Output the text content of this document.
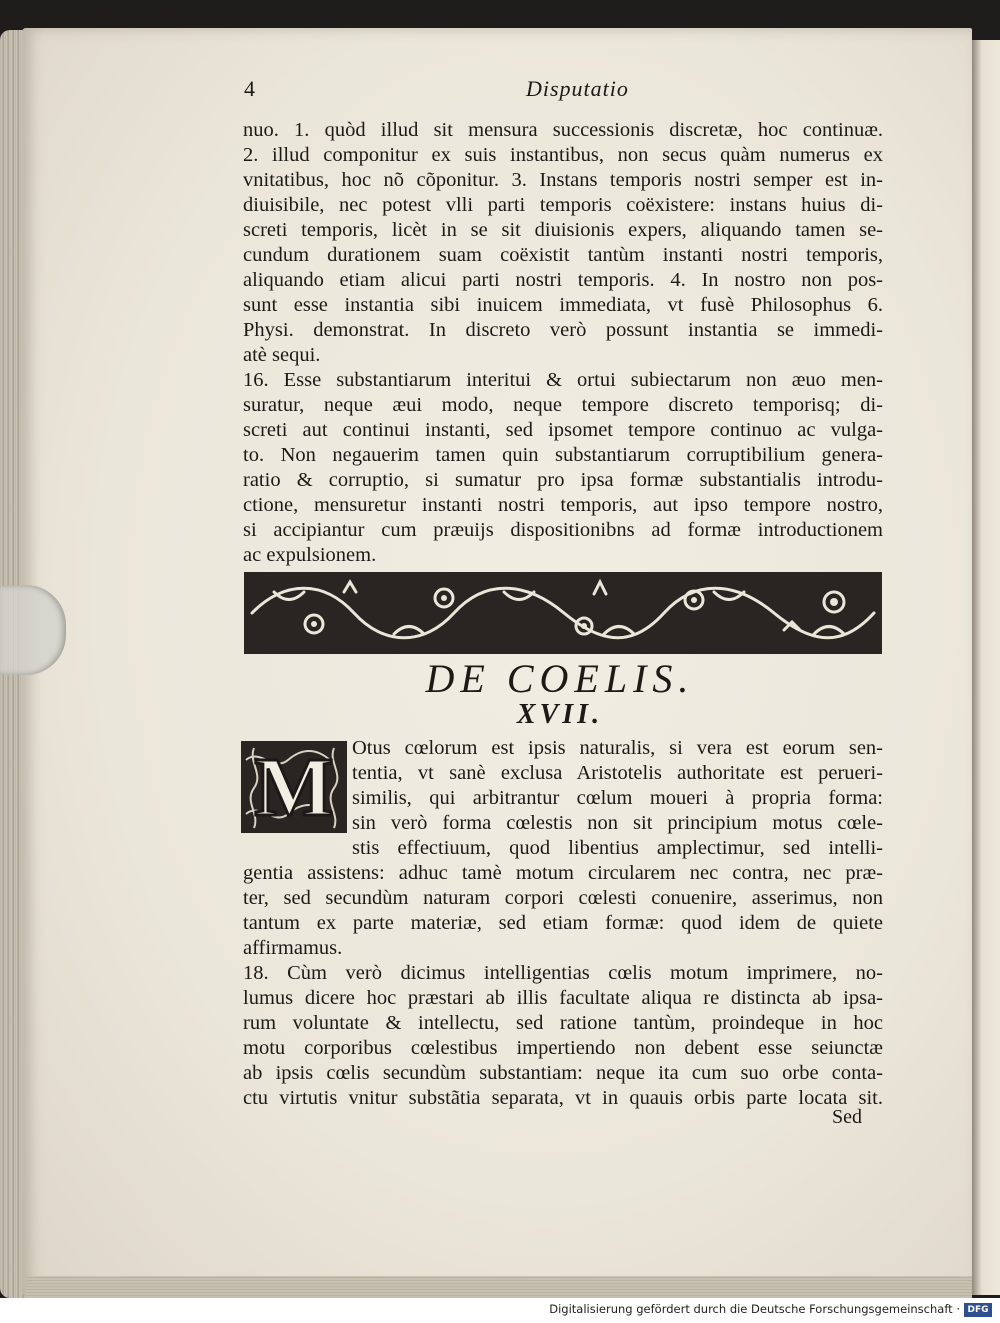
4	Disputatio
nuo. 1. quòd illud sit mensura successionis discretæ, hoc continuæ.
2. illud componitur ex suis instantibus, non secus quàm numerus ex
vnitatibus, hoc nõ cõponitur. 3. Instans temporis nostri semper est in-
diuisibile, nec potest vlli parti temporis coëxistere: instans huius di-
screti temporis, licèt in se sit diuisionis expers, aliquando tamen se-
cundum durationem suam coëxistit tantùm instanti nostri temporis,
aliquando etiam alicui parti nostri temporis. 4. In nostro non pos-
sunt esse instantia sibi inuicem immediata, vt fusè Philosophus 6.
Physi. demonstrat. In discreto verò possunt instantia se immedi-
atè sequi.
16. Esse substantiarum interitui & ortui subiectarum non æuo men-
suratur, neque æui modo, neque tempore discreto temporisq; di-
screti aut continui instanti, sed ipsomet tempore continuo ac vulga-
to. Non negauerim tamen quin substantiarum corruptibilium genera-
ratio & corruptio, si sumatur pro ipsa formæ substantialis introdu-
ctione, mensuretur instanti nostri temporis, aut ipso tempore nostro,
si accipiantur cum præuijs dispositionibns ad formæ introductionem
ac expulsionem.
DE COELIS.
XVII.
M Otus cœlorum est ipsis naturalis, si vera est eorum sen-
tentia, vt sanè exclusa Aristotelis authoritate est perueri-
similis, qui arbitrantur cœlum moueri à propria forma:
sin verò forma cœlestis non sit principium motus cœle-
stis effectiuum, quod libentius amplectimur, sed intelli-
gentia assistens: adhuc tamè motum circularem nec contra, nec præ-
ter, sed secundùm naturam corpori cœlesti conuenire, asserimus, non
tantum ex parte materiæ, sed etiam formæ: quod idem de quiete
affirmamus.
18. Cùm verò dicimus intelligentias cœlis motum imprimere, no-
lumus dicere hoc præstari ab illis facultate aliqua re distincta ab ipsa-
rum voluntate & intellectu, sed ratione tantùm, proindeque in hoc
motu corporibus cœlestibus impertiendo non debent esse seiunctæ
ab ipsis cœlis secundùm substantiam: neque ita cum suo orbe conta-
ctu virtutis vnitur substãtia separata, vt in quauis orbis parte locata sit.
Sed
Digitalisierung gefördert durch die Deutsche Forschungsgemeinschaft · DFG
